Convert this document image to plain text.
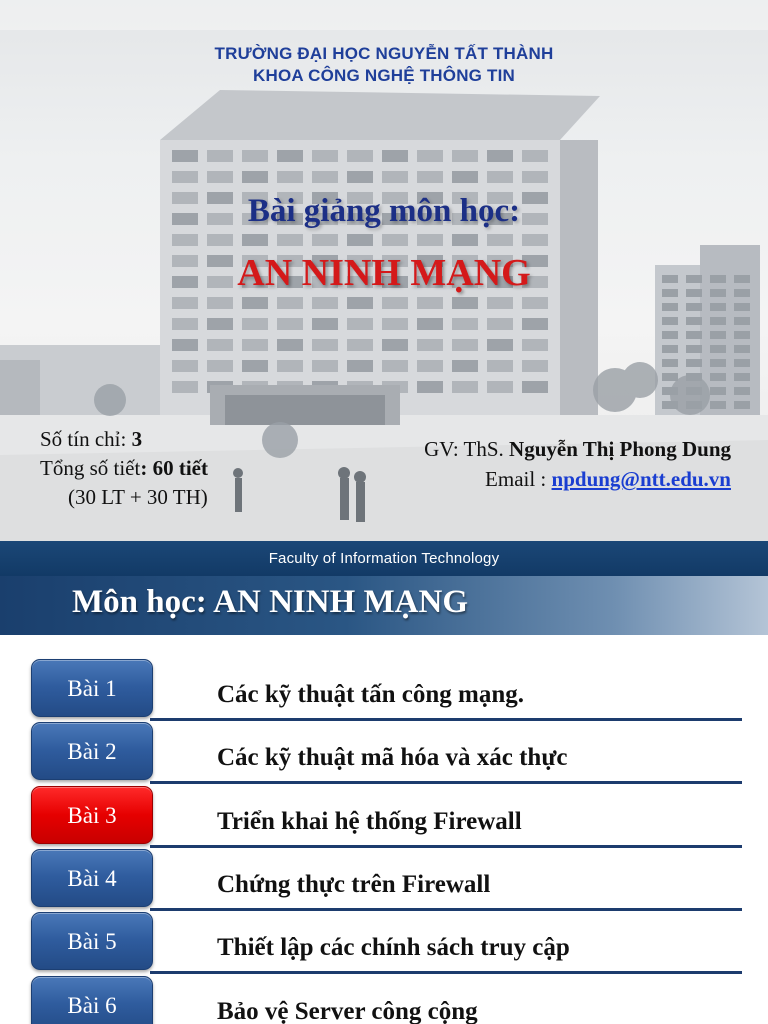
TRƯỜNG ĐẠI HỌC NGUYỄN TẤT THÀNH
KHOA CÔNG NGHỆ THÔNG TIN
Bài giảng môn học:
AN NINH MẠNG
Số tín chỉ: 3
Tổng số tiết: 60 tiết
(30 LT + 30 TH)
GV: ThS. Nguyễn Thị Phong Dung
Email : npdung@ntt.edu.vn
Faculty of Information Technology
Môn học: AN NINH MẠNG
Bài 1	Các kỹ thuật tấn công mạng.
Bài 2	Các kỹ thuật mã hóa và xác thực
Bài 3	Triển khai hệ thống Firewall
Bài 4	Chứng thực trên Firewall
Bài 5	Thiết lập các chính sách truy cập
Bài 6	Bảo vệ Server công cộng
